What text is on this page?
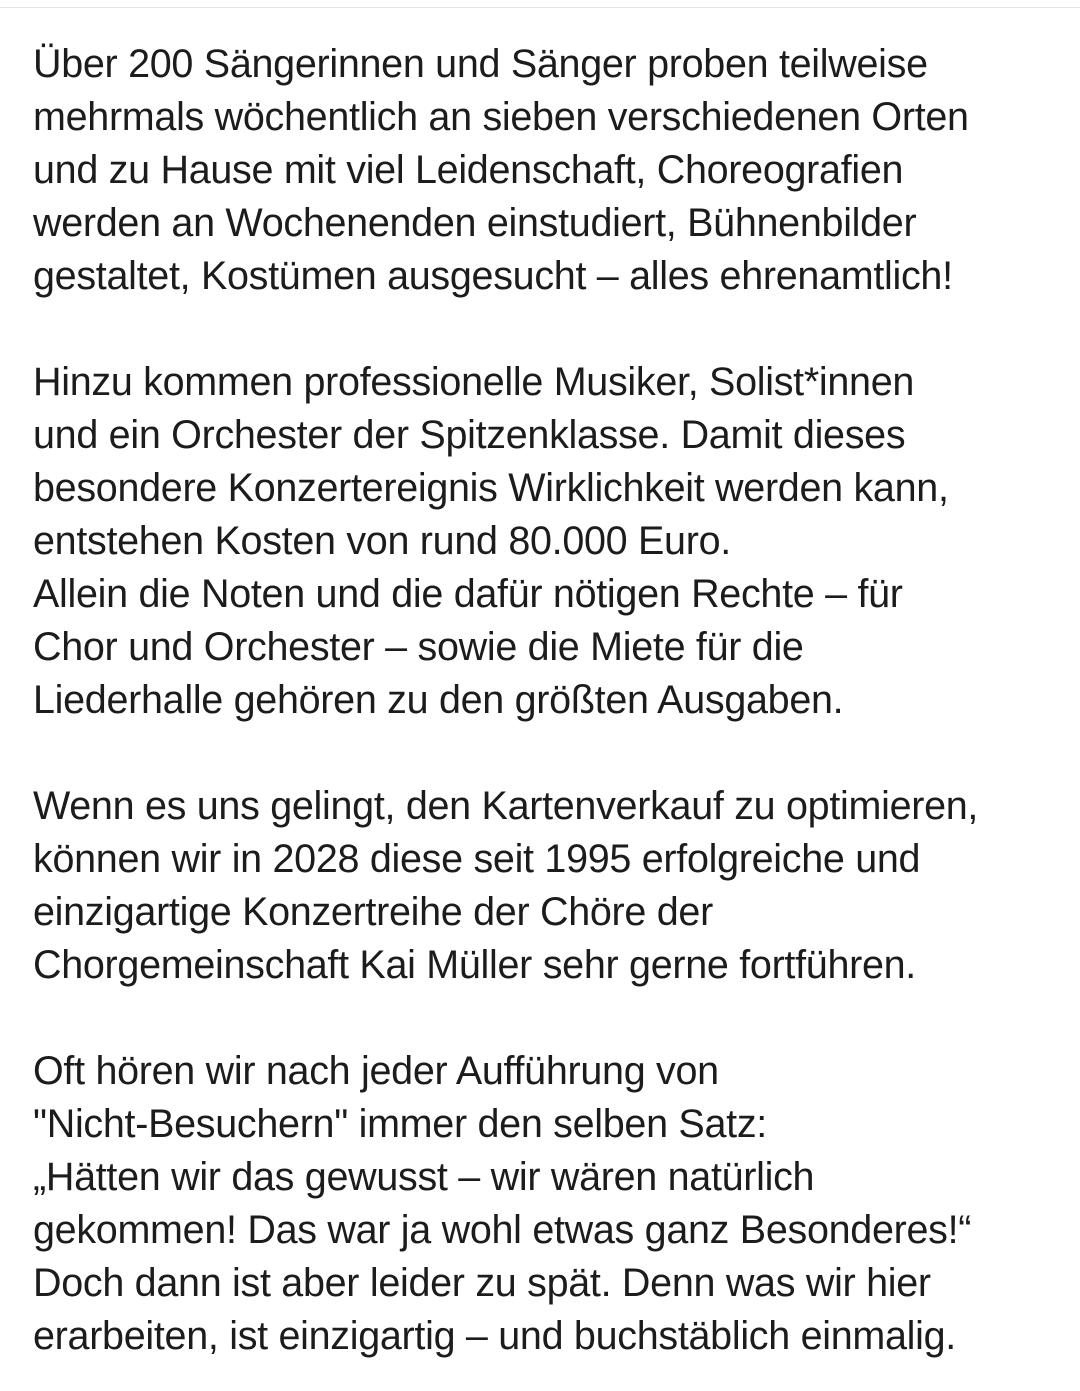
Über 200 Sängerinnen und Sänger proben teilweise
mehrmals wöchentlich an sieben verschiedenen Orten
und zu Hause mit viel Leidenschaft, Choreografien
werden an Wochenenden einstudiert, Bühnenbilder
gestaltet, Kostümen ausgesucht – alles ehrenamtlich!

Hinzu kommen professionelle Musiker, Solist*innen
und ein Orchester der Spitzenklasse. Damit dieses
besondere Konzertereignis Wirklichkeit werden kann,
entstehen Kosten von rund 80.000 Euro.
Allein die Noten und die dafür nötigen Rechte – für
Chor und Orchester – sowie die Miete für die
Liederhalle gehören zu den größten Ausgaben.

Wenn es uns gelingt, den Kartenverkauf zu optimieren,
können wir in 2028 diese seit 1995 erfolgreiche und
einzigartige Konzertreihe der Chöre der
Chorgemeinschaft Kai Müller sehr gerne fortführen.

Oft hören wir nach jeder Aufführung von
"Nicht-Besuchern" immer den selben Satz:
„Hätten wir das gewusst – wir wären natürlich
gekommen! Das war ja wohl etwas ganz Besonderes!“
Doch dann ist aber leider zu spät. Denn was wir hier
erarbeiten, ist einzigartig – und buchstäblich einmalig.
